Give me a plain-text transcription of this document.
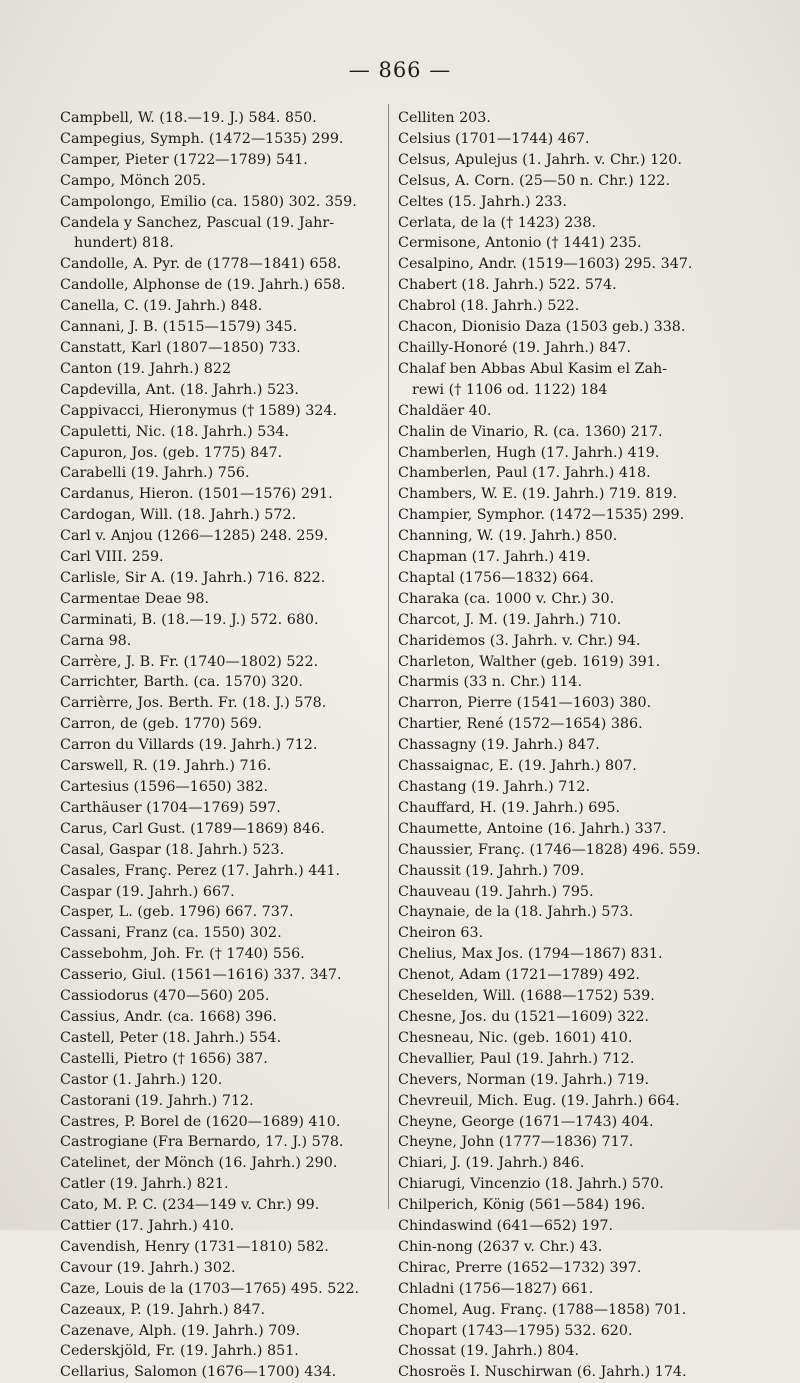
— 866 —

Campbell, W. (18.—19. J.) 584. 850.

Campegius, Symph. (1472—1535) 299.

Camper, Pieter (1722—1789) 541.

Campo, Mönch 205.

Campolongo, Emilio (ca. 1580) 302. 359.

Candela y Sanchez, Pascual (19. Jahr-

hundert) 818.

Candolle, A. Pyr. de (1778—1841) 658.

Candolle, Alphonse de (19. Jahrh.) 658.

Canella, C. (19. Jahrh.) 848.

Cannani, J. B. (1515—1579) 345.

Canstatt, Karl (1807—1850) 733.

Canton (19. Jahrh.) 822

Capdevilla, Ant. (18. Jahrh.) 523.

Cappivacci, Hieronymus († 1589) 324.

Capuletti, Nic. (18. Jahrh.) 534.

Capuron, Jos. (geb. 1775) 847.

Carabelli (19. Jahrh.) 756.

Cardanus, Hieron. (1501—1576) 291.

Cardogan, Will. (18. Jahrh.) 572.

Carl v. Anjou (1266—1285) 248. 259.

Carl VIII. 259.

Carlisle, Sir A. (19. Jahrh.) 716. 822.

Carmentae Deae 98.

Carminati, B. (18.—19. J.) 572. 680.

Carna 98.

Carrère, J. B. Fr. (1740—1802) 522.

Carrichter, Barth. (ca. 1570) 320.

Carrièrre, Jos. Berth. Fr. (18. J.) 578.

Carron, de (geb. 1770) 569.

Carron du Villards (19. Jahrh.) 712.

Carswell, R. (19. Jahrh.) 716.

Cartesius (1596—1650) 382.

Carthäuser (1704—1769) 597.

Carus, Carl Gust. (1789—1869) 846.

Casal, Gaspar (18. Jahrh.) 523.

Casales, Franç. Perez (17. Jahrh.) 441.

Caspar (19. Jahrh.) 667.

Casper, L. (geb. 1796) 667. 737.

Cassani, Franz (ca. 1550) 302.

Cassebohm, Joh. Fr. († 1740) 556.

Casserio, Giul. (1561—1616) 337. 347.

Cassiodorus (470—560) 205.

Cassius, Andr. (ca. 1668) 396.

Castell, Peter (18. Jahrh.) 554.

Castelli, Pietro († 1656) 387.

Castor (1. Jahrh.) 120.

Castorani (19. Jahrh.) 712.

Castres, P. Borel de (1620—1689) 410.

Castrogiane (Fra Bernardo, 17. J.) 578.

Catelinet, der Mönch (16. Jahrh.) 290.

Catler (19. Jahrh.) 821.

Cato, M. P. C. (234—149 v. Chr.) 99.

Cattier (17. Jahrh.) 410.

Cavendish, Henry (1731—1810) 582.

Cavour (19. Jahrh.) 302.

Caze, Louis de la (1703—1765) 495. 522.

Cazeaux, P. (19. Jahrh.) 847.

Cazenave, Alph. (19. Jahrh.) 709.

Cederskjöld, Fr. (19. Jahrh.) 851.

Cellarius, Salomon (1676—1700) 434.

Celliten 203.

Celsius (1701—1744) 467.

Celsus, Apulejus (1. Jahrh. v. Chr.) 120.

Celsus, A. Corn. (25—50 n. Chr.) 122.

Celtes (15. Jahrh.) 233.

Cerlata, de la († 1423) 238.

Cermisone, Antonio († 1441) 235.

Cesalpino, Andr. (1519—1603) 295. 347.

Chabert (18. Jahrh.) 522. 574.

Chabrol (18. Jahrh.) 522.

Chacon, Dionisio Daza (1503 geb.) 338.

Chailly-Honoré (19. Jahrh.) 847.

Chalaf ben Abbas Abul Kasim el Zah-

rewi († 1106 od. 1122) 184

Chaldäer 40.

Chalin de Vinario, R. (ca. 1360) 217.

Chamberlen, Hugh (17. Jahrh.) 419.

Chamberlen, Paul (17. Jahrh.) 418.

Chambers, W. E. (19. Jahrh.) 719. 819.

Champier, Symphor. (1472—1535) 299.

Channing, W. (19. Jahrh.) 850.

Chapman (17. Jahrh.) 419.

Chaptal (1756—1832) 664.

Charaka (ca. 1000 v. Chr.) 30.

Charcot, J. M. (19. Jahrh.) 710.

Charidemos (3. Jahrh. v. Chr.) 94.

Charleton, Walther (geb. 1619) 391.

Charmis (33 n. Chr.) 114.

Charron, Pierre (1541—1603) 380.

Chartier, René (1572—1654) 386.

Chassagny (19. Jahrh.) 847.

Chassaignac, E. (19. Jahrh.) 807.

Chastang (19. Jahrh.) 712.

Chauffard, H. (19. Jahrh.) 695.

Chaumette, Antoine (16. Jahrh.) 337.

Chaussier, Franç. (1746—1828) 496. 559.

Chaussit (19. Jahrh.) 709.

Chauveau (19. Jahrh.) 795.

Chaynaie, de la (18. Jahrh.) 573.

Cheiron 63.

Chelius, Max Jos. (1794—1867) 831.

Chenot, Adam (1721—1789) 492.

Cheselden, Will. (1688—1752) 539.

Chesne, Jos. du (1521—1609) 322.

Chesneau, Nic. (geb. 1601) 410.

Chevallier, Paul (19. Jahrh.) 712.

Chevers, Norman (19. Jahrh.) 719.

Chevreuil, Mich. Eug. (19. Jahrh.) 664.

Cheyne, George (1671—1743) 404.

Cheyne, John (1777—1836) 717.

Chiari, J. (19. Jahrh.) 846.

Chiarugi, Vincenzio (18. Jahrh.) 570.

Chilperich, König (561—584) 196.

Chindaswind (641—652) 197.

Chin-nong (2637 v. Chr.) 43.

Chirac, Prerre (1652—1732) 397.

Chladni (1756—1827) 661.

Chomel, Aug. Franç. (1788—1858) 701.

Chopart (1743—1795) 532. 620.

Chossat (19. Jahrh.) 804.

Chosroës I. Nuschirwan (6. Jahrh.) 174.
